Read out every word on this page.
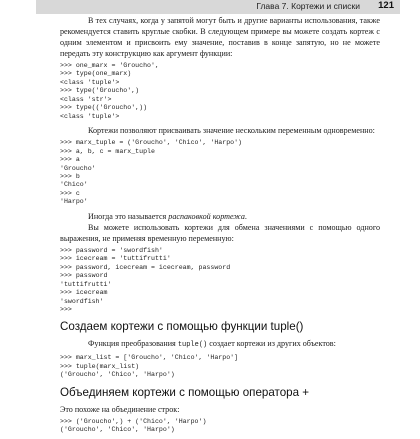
Глава 7. Кортежи и списки 121

В тех случаях, когда у запятой могут быть и другие варианты использования, также рекомендуется ставить круглые скобки. В следующем примере вы можете создать кортеж с одним элементом и присвоить ему значение, поставив в конце запятую, но не можете передать эту конструкцию как аргумент функции:

>>> one_marx = 'Groucho',
>>> type(one_marx)
<class 'tuple'>
>>> type('Groucho',)
<class 'str'>
>>> type(('Groucho',))
<class 'tuple'>

Кортежи позволяют присваивать значение нескольким переменным одновременно:

>>> marx_tuple = ('Groucho', 'Chico', 'Harpo')
>>> a, b, c = marx_tuple
>>> a
'Groucho'
>>> b
'Chico'
>>> c
'Harpo'

Иногда это называется распаковкой кортежа.

Вы можете использовать кортежи для обмена значениями с помощью одного выражения, не применяя временную переменную:

>>> password = 'swordfish'
>>> icecream = 'tuttifrutti'
>>> password, icecream = icecream, password
>>> password
'tuttifrutti'
>>> icecream
'swordfish'
>>>
Создаем кортежи с помощью функции tuple()

Функция преобразования tuple() создает кортежи из других объектов:

>>> marx_list = ['Groucho', 'Chico', 'Harpo']
>>> tuple(marx_list)
('Groucho', 'Chico', 'Harpo')
Объединяем кортежи с помощью оператора +

Это похоже на объединение строк:

>>> ('Groucho',) + ('Chico', 'Harpo')
('Groucho', 'Chico', 'Harpo')
